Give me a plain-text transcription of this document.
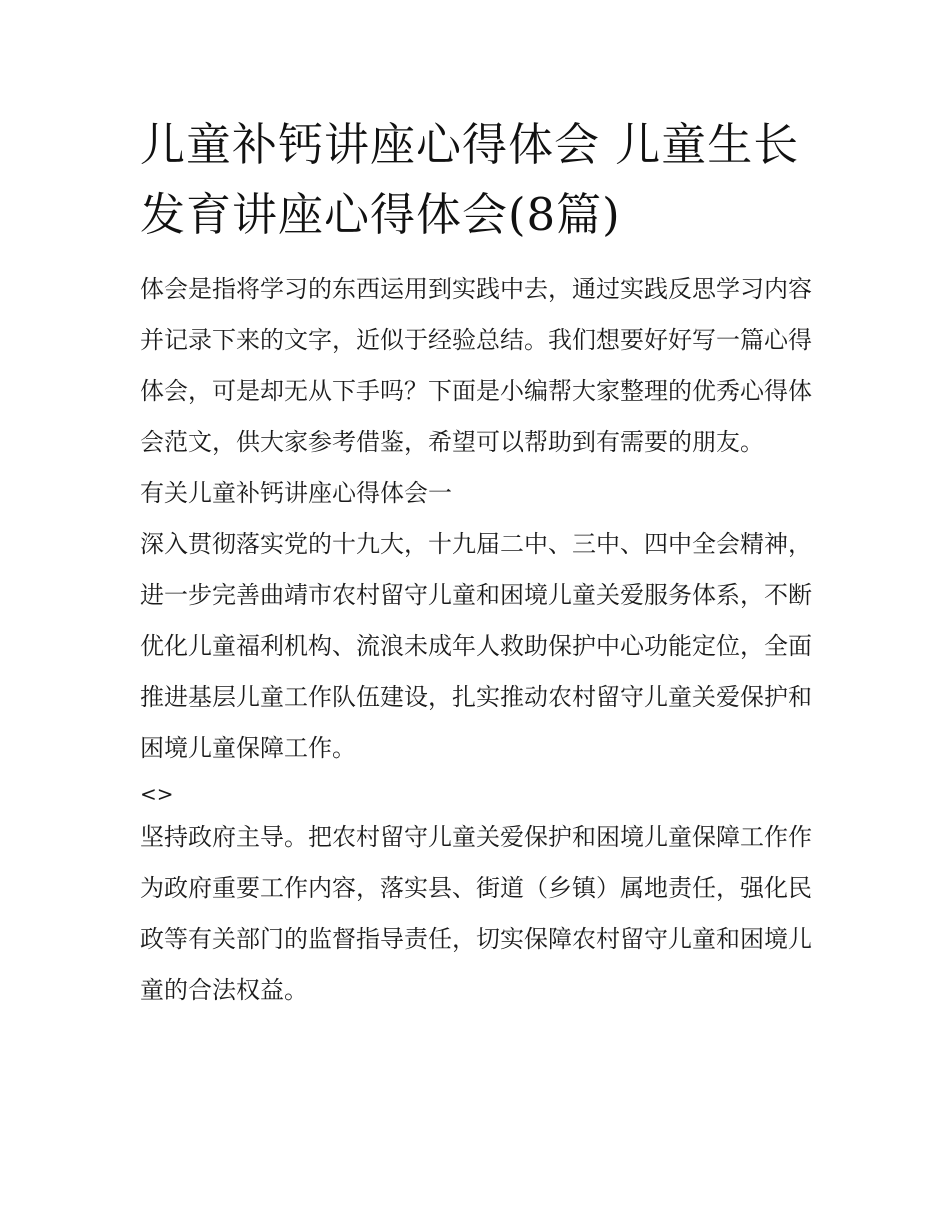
儿童补钙讲座心得体会 儿童生长发育讲座心得体会(8篇)

体会是指将学习的东西运用到实践中去，通过实践反思学习内容并记录下来的文字，近似于经验总结。我们想要好好写一篇心得体会，可是却无从下手吗？下面是小编帮大家整理的优秀心得体会范文，供大家参考借鉴，希望可以帮助到有需要的朋友。

有关儿童补钙讲座心得体会一

深入贯彻落实党的十九大，十九届二中、三中、四中全会精神，进一步完善曲靖市农村留守儿童和困境儿童关爱服务体系，不断优化儿童福利机构、流浪未成年人救助保护中心功能定位，全面推进基层儿童工作队伍建设，扎实推动农村留守儿童关爱保护和困境儿童保障工作。

<>

坚持政府主导。把农村留守儿童关爱保护和困境儿童保障工作作为政府重要工作内容，落实县、街道（乡镇）属地责任，强化民政等有关部门的监督指导责任，切实保障农村留守儿童和困境儿童的合法权益。
